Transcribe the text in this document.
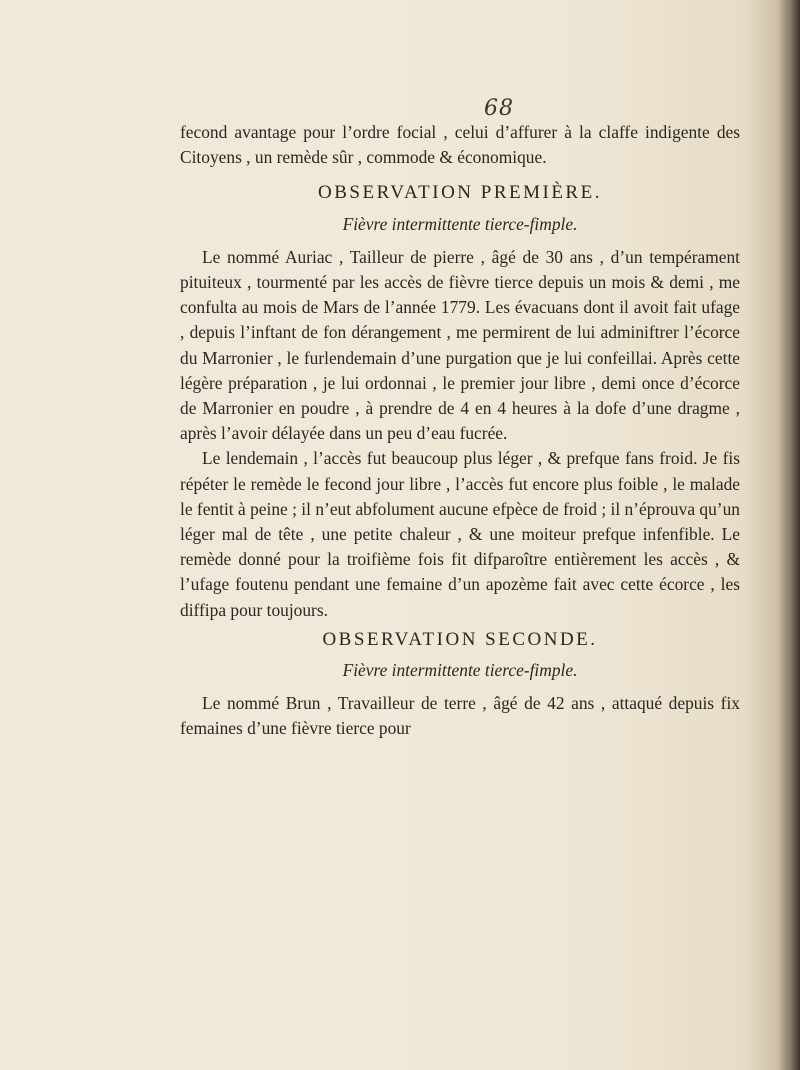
68

fecond avantage pour l’ordre focial , celui d’affurer à la claffe indigente des Citoyens , un remède sûr , commode & économique.

OBSERVATION PREMIÈRE.
Fièvre intermittente tierce-fimple.

Le nommé Auriac , Tailleur de pierre , âgé de 30 ans , d’un tempérament pituiteux , tourmenté par les accès de fièvre tierce depuis un mois & demi , me confulta au mois de Mars de l’année 1779. Les évacuans dont il avoit fait ufage , depuis l’inftant de fon dérangement , me permirent de lui adminiftrer l’écorce du Marronier , le furlendemain d’une purgation que je lui confeillai. Après cette légère préparation , je lui ordonnai , le premier jour libre , demi once d’écorce de Marronier en poudre , à prendre de 4 en 4 heures à la dofe d’une dragme , après l’avoir délayée dans un peu d’eau fucrée.

Le lendemain , l’accès fut beaucoup plus léger , & prefque fans froid. Je fis répéter le remède le fecond jour libre , l’accès fut encore plus foible , le malade le fentit à peine ; il n’eut abfolument aucune efpèce de froid ; il n’éprouva qu’un léger mal de tête , une petite chaleur , & une moiteur prefque infenfible. Le remède donné pour la troifième fois fit difparoître entièrement les accès , & l’ufage foutenu pendant une femaine d’un apozème fait avec cette écorce , les diffipa pour toujours.

OBSERVATION SECONDE.
Fièvre intermittente tierce-fimple.

Le nommé Brun , Travailleur de terre , âgé de 42 ans , attaqué depuis fix femaines d’une fièvre tierce pour
